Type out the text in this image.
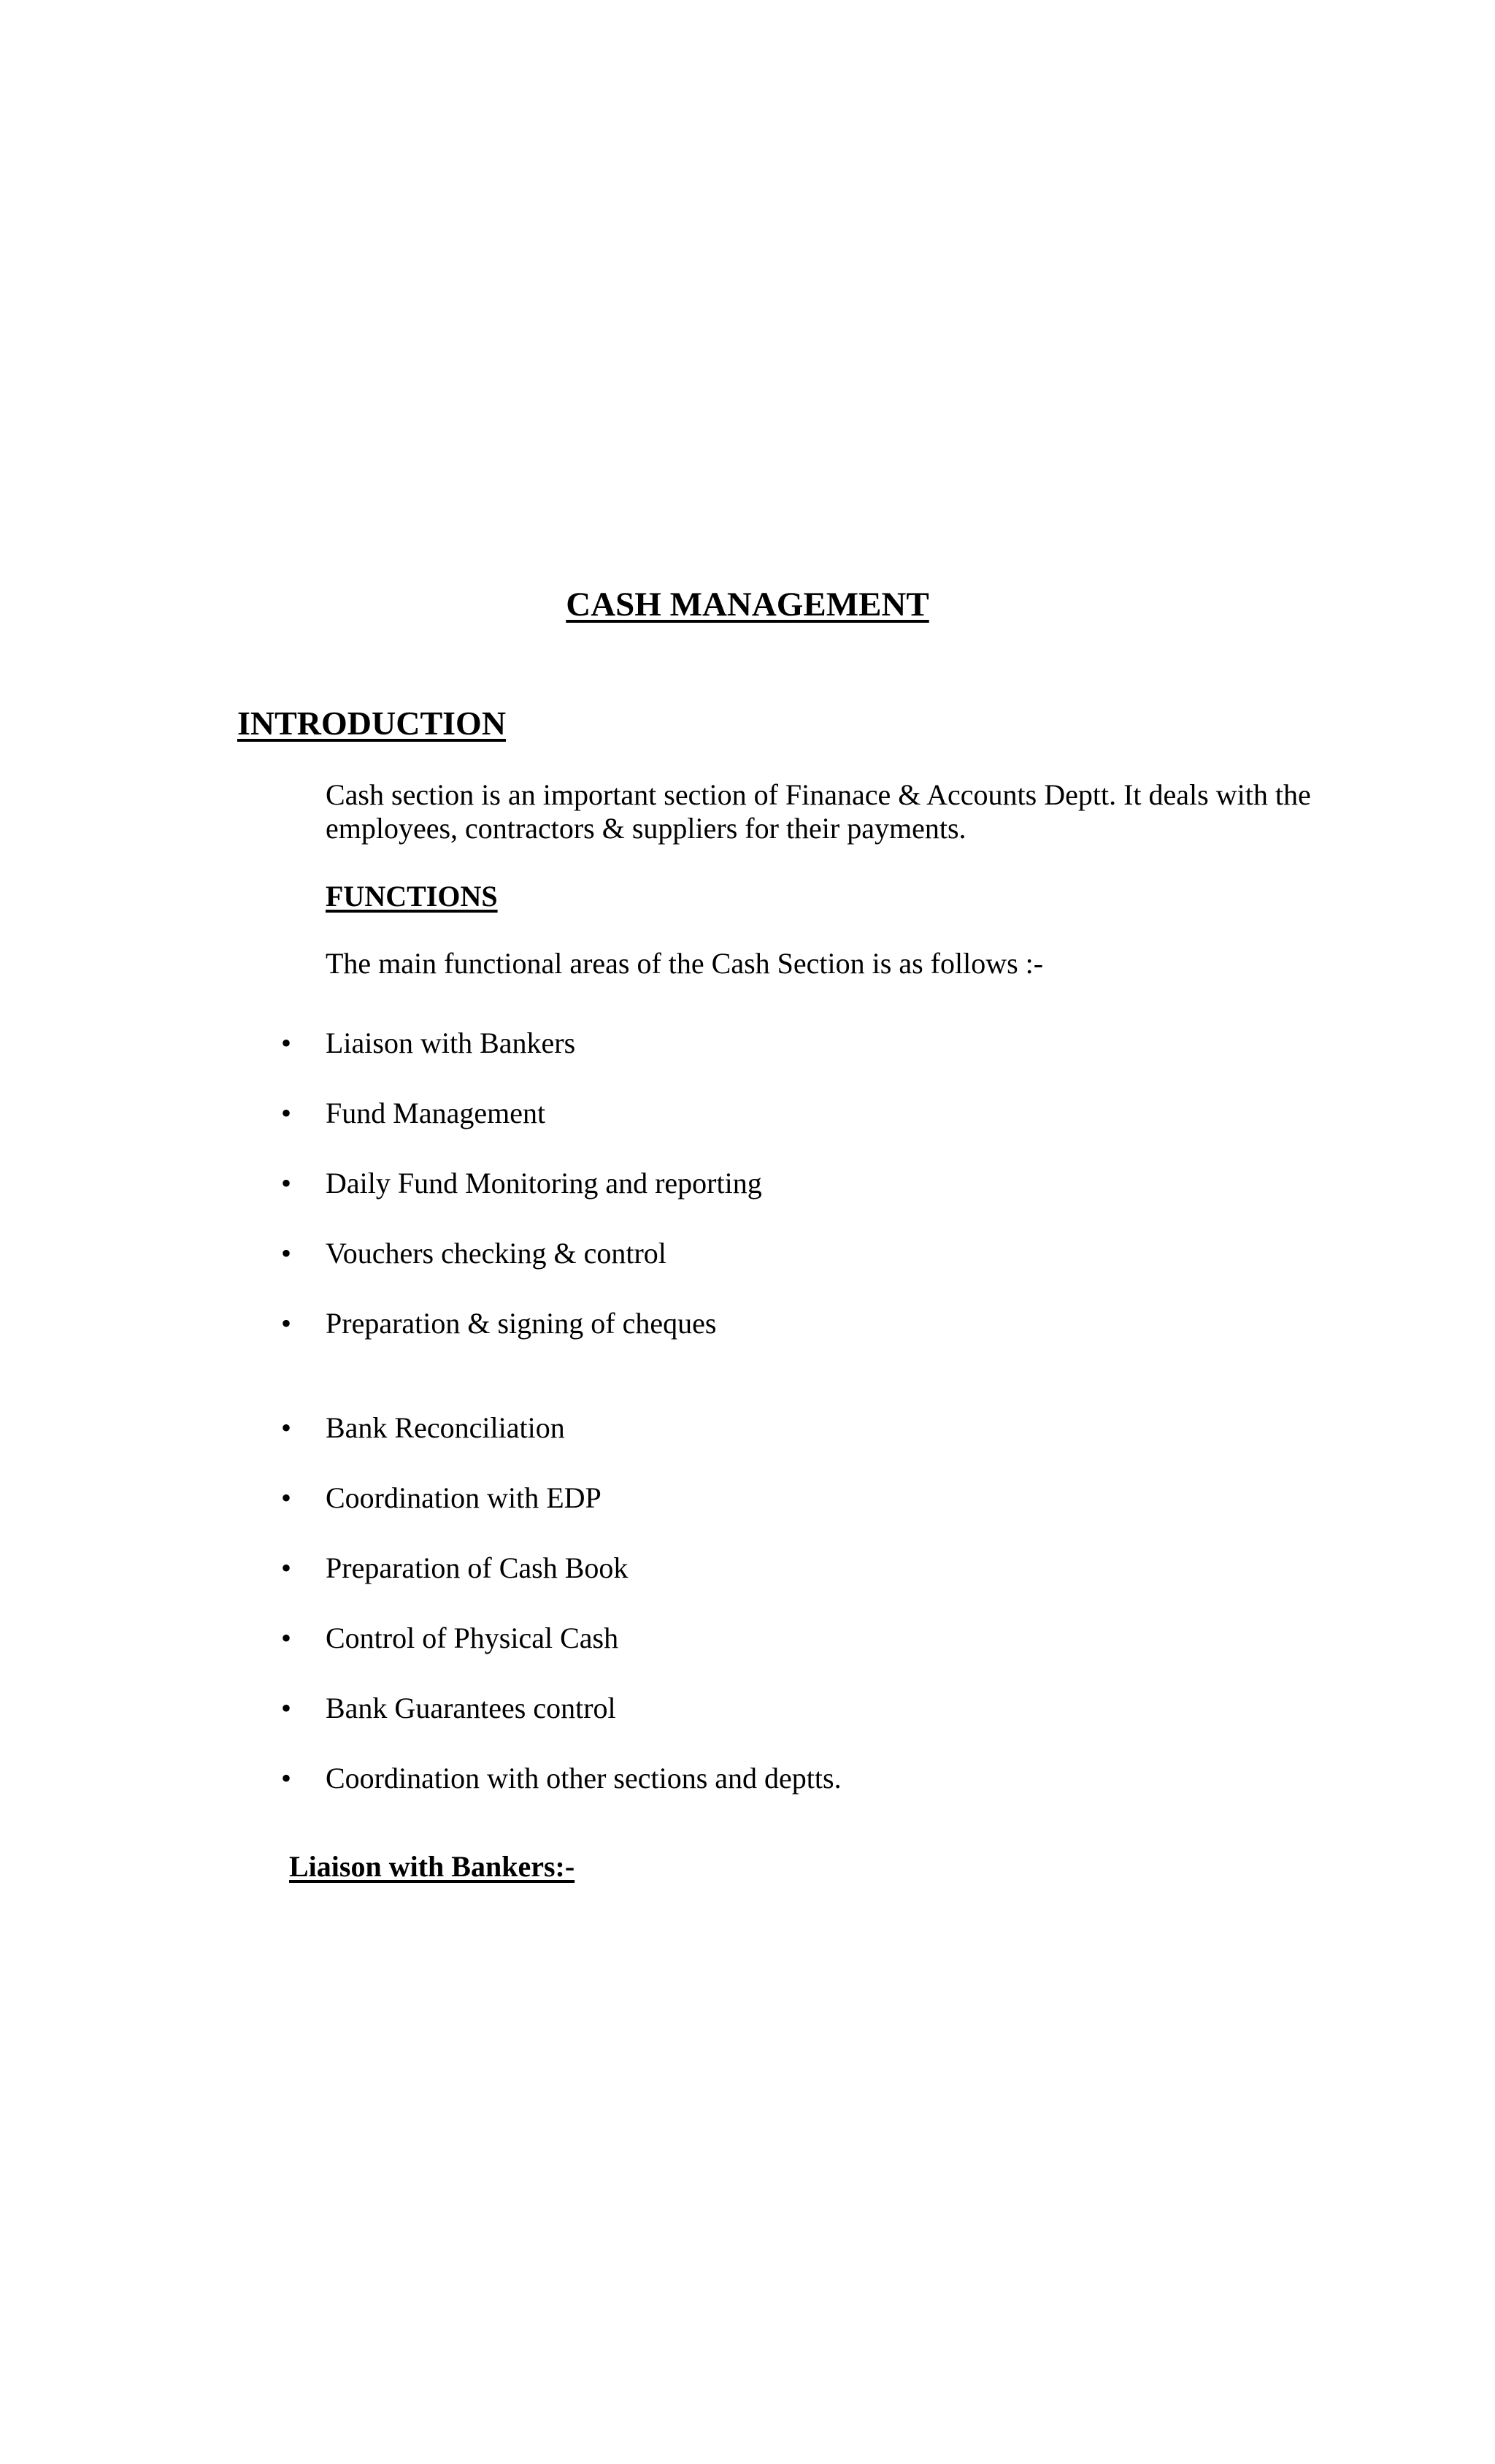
CASH MANAGEMENT
INTRODUCTION

Cash section is an important section of Finanace & Accounts Deptt. It deals with the employees, contractors & suppliers for their payments.

FUNCTIONS

The main functional areas of the Cash Section is as follows :-

• Liaison with Bankers
• Fund Management
• Daily Fund Monitoring and reporting
• Vouchers checking & control
• Preparation & signing of cheques
• Bank Reconciliation
• Coordination with EDP
• Preparation of Cash Book
• Control of Physical Cash
• Bank Guarantees control
• Coordination with other sections and deptts.
Liaison with Bankers:-
